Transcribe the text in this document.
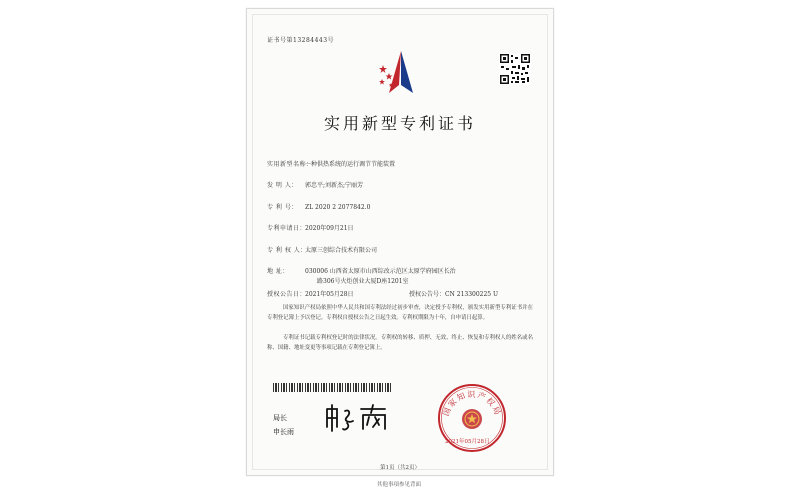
证书号第13284443号
实用新型专利证书
实用新型名称：一种供热系统的运行调节节能装置
发 明 人： 郭忠平;刘新杰;宁丽芳
专 利 号： ZL 2020 2 2077842.0
专利申请日：2020年09月21日
专 利 权 人：太原三创综合技术有限公司
地 址：	030006 山西省太原市山西综改示范区太原学府园区长治
路306号火炬创业大厦D座1201室
授权公告日：2021年05月28日	授权公告号：CN 213300225 U
国家知识产权局依照中华人民共和国专利法经过初步审查，决定授予专利权，颁发实用新型专利证书并在专利登记簿上予以登记。专利权自授权公告之日起生效。专利权期限为十年，自申请日起算。
专利证书记载专利权登记时的法律状况。专利权的转移、质押、无效、终止、恢复和专利权人的姓名或名称、国籍、地址变更等事项记载在专利登记簿上。
局长
申长雨
国家知识产权局
2021年05月28日
第1页（共2页）
其他事项参见背面
